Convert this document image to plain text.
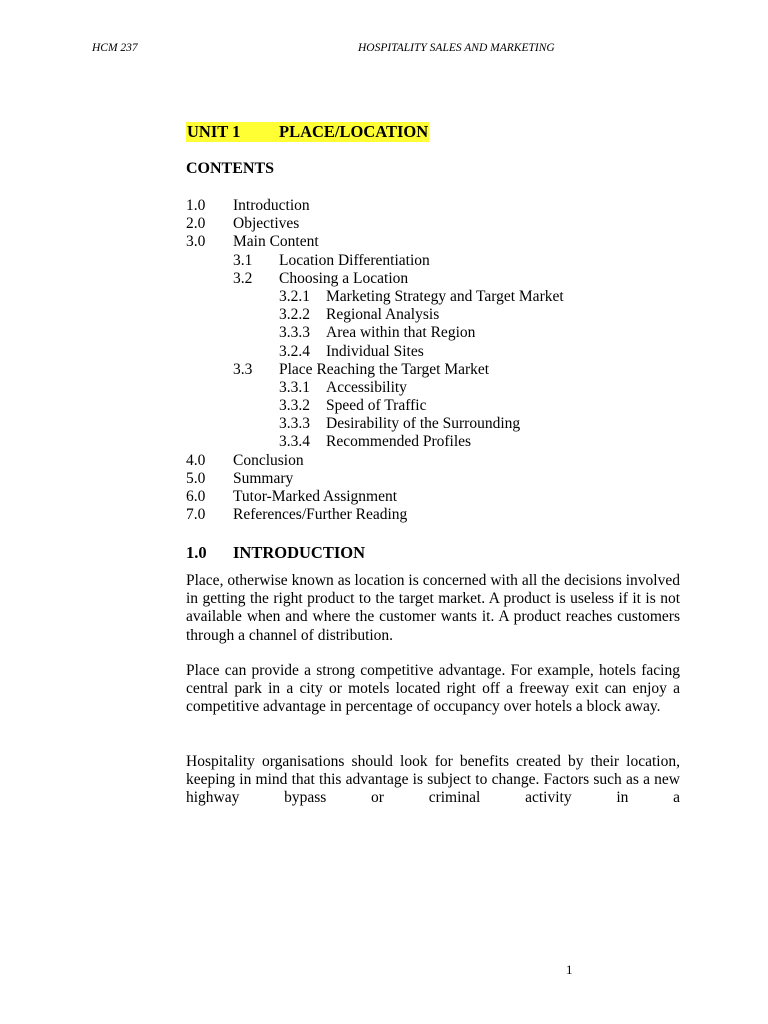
HCM 237	HOSPITALITY SALES AND MARKETING
UNIT 1 PLACE/LOCATION
CONTENTS
1.0 Introduction
2.0 Objectives
3.0 Main Content
3.1 Location Differentiation
3.2 Choosing a Location
3.2.1 Marketing Strategy and Target Market
3.2.2 Regional Analysis
3.3.3 Area within that Region
3.2.4 Individual Sites
3.3 Place Reaching the Target Market
3.3.1 Accessibility
3.3.2 Speed of Traffic
3.3.3 Desirability of the Surrounding
3.3.4 Recommended Profiles
4.0 Conclusion
5.0 Summary
6.0 Tutor-Marked Assignment
7.0 References/Further Reading
1.0 INTRODUCTION

Place, otherwise known as location is concerned with all the decisions involved in getting the right product to the target market. A product is useless if it is not available when and where the customer wants it. A product reaches customers through a channel of distribution.

Place can provide a strong competitive advantage. For example, hotels facing central park in a city or motels located right off a freeway exit can enjoy a competitive advantage in percentage of occupancy over hotels a block away.

Hospitality organisations should look for benefits created by their location, keeping in mind that this advantage is subject to change. Factors such as a new highway bypass or criminal activity in a

1
